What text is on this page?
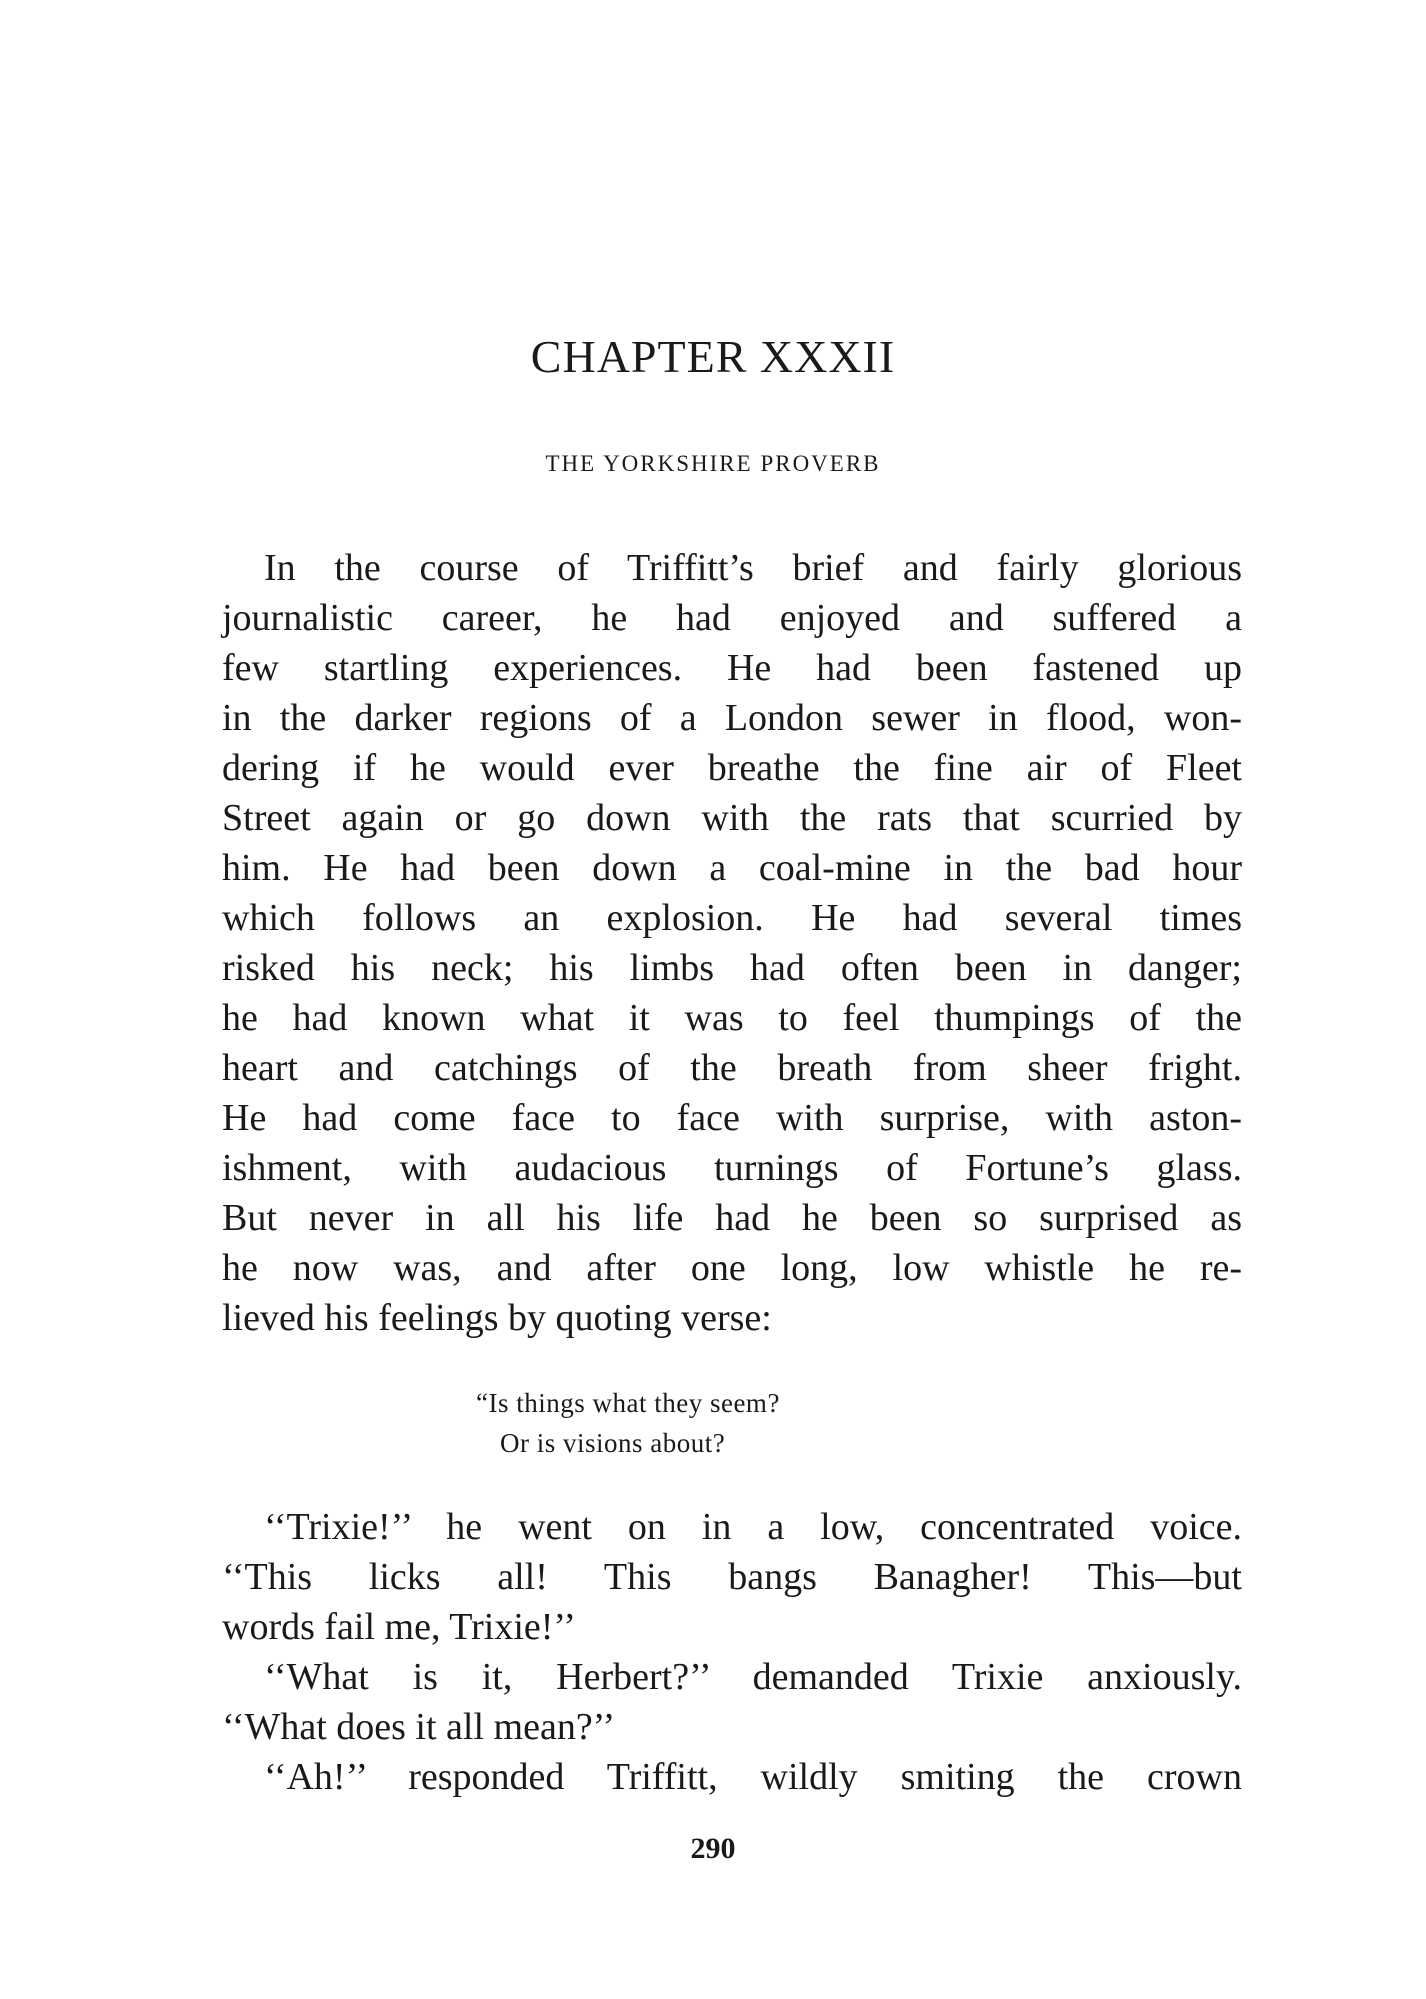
CHAPTER XXXII
THE YORKSHIRE PROVERB

In the course of Triffitt’s brief and fairly glorious
journalistic career, he had enjoyed and suffered a
few startling experiences. He had been fastened up
in the darker regions of a London sewer in flood, won-
dering if he would ever breathe the fine air of Fleet
Street again or go down with the rats that scurried by
him. He had been down a coal-mine in the bad hour
which follows an explosion. He had several times
risked his neck; his limbs had often been in danger;
he had known what it was to feel thumpings of the
heart and catchings of the breath from sheer fright.
He had come face to face with surprise, with aston-
ishment, with audacious turnings of Fortune’s glass.
But never in all his life had he been so surprised as
he now was, and after one long, low whistle he re-
lieved his feelings by quoting verse:

“Is things what they seem?
Or is visions about?

‘‘Trixie!’’ he went on in a low, concentrated voice.
‘‘This licks all! This bangs Banagher! This—but
words fail me, Trixie!’’
‘‘What is it, Herbert?’’ demanded Trixie anxiously.
‘‘What does it all mean?’’
‘‘Ah!’’ responded Triffitt, wildly smiting the crown

290
